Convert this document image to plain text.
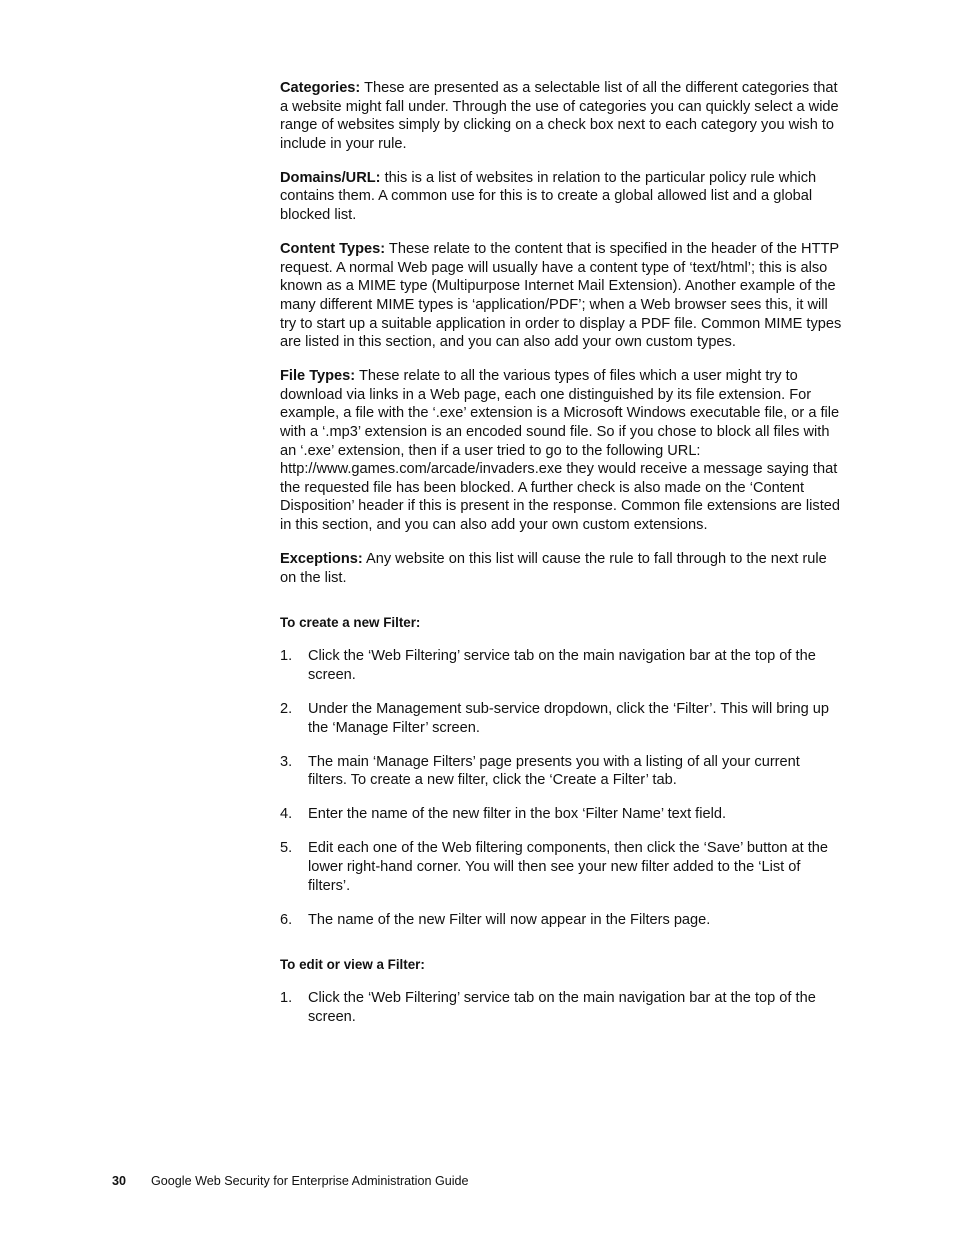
Categories: These are presented as a selectable list of all the different categories that a website might fall under. Through the use of categories you can quickly select a wide range of websites simply by clicking on a check box next to each category you wish to include in your rule.

Domains/URL: this is a list of websites in relation to the particular policy rule which contains them. A common use for this is to create a global allowed list and a global blocked list.

Content Types: These relate to the content that is specified in the header of the HTTP request. A normal Web page will usually have a content type of ‘text/html’; this is also known as a MIME type (Multipurpose Internet Mail Extension). Another example of the many different MIME types is ‘application/PDF’; when a Web browser sees this, it will try to start up a suitable application in order to display a PDF file. Common MIME types are listed in this section, and you can also add your own custom types.

File Types: These relate to all the various types of files which a user might try to download via links in a Web page, each one distinguished by its file extension. For example, a file with the ‘.exe’ extension is a Microsoft Windows executable file, or a file with a ‘.mp3’ extension is an encoded sound file. So if you chose to block all files with an ‘.exe’ extension, then if a user tried to go to the following URL: http://www.games.com/arcade/invaders.exe they would receive a message saying that the requested file has been blocked. A further check is also made on the ‘Content Disposition’ header if this is present in the response. Common file extensions are listed in this section, and you can also add your own custom extensions.

Exceptions: Any website on this list will cause the rule to fall through to the next rule on the list.

To create a new Filter:
1.	Click the ‘Web Filtering’ service tab on the main navigation bar at the top of the screen.
2.	Under the Management sub-service dropdown, click the ‘Filter’. This will bring up the ‘Manage Filter’ screen.
3.	The main ‘Manage Filters’ page presents you with a listing of all your current filters. To create a new filter, click the ‘Create a Filter’ tab.
4.	Enter the name of the new filter in the box ‘Filter Name’ text field.
5.	Edit each one of the Web filtering components, then click the ‘Save’ button at the lower right-hand corner. You will then see your new filter added to the ‘List of filters’.
6.	The name of the new Filter will now appear in the Filters page.
To edit or view a Filter:
1.	Click the ‘Web Filtering’ service tab on the main navigation bar at the top of the screen.
30	Google Web Security for Enterprise Administration Guide
